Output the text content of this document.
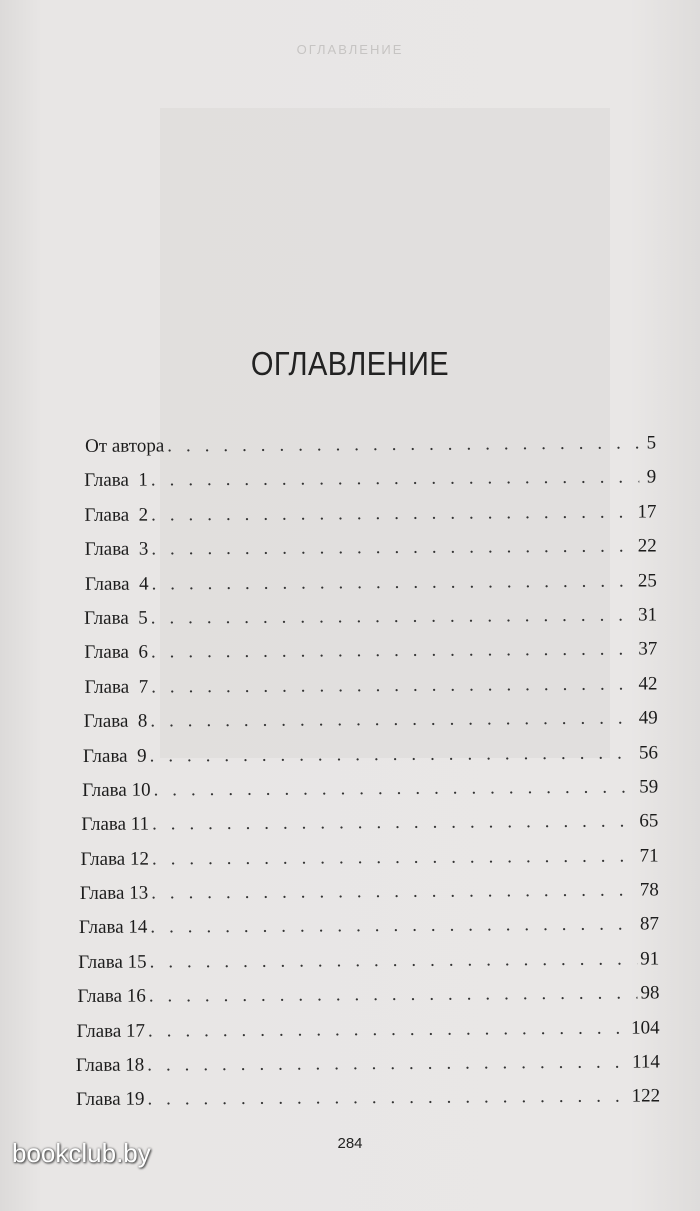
ОГЛАВЛЕНИЕ
ОГЛАВЛЕНИЕ
От автора . . .	5
Глава  1 . . .	9
Глава  2 . . .	17
Глава  3 . . .	22
Глава  4 . . .	25
Глава  5 . . .	31
Глава  6 . . .	37
Глава  7 . . .	42
Глава  8 . . .	49
Глава  9 . . .	56
Глава 10 . . .	59
Глава 11 . . .	65
Глава 12 . . .	71
Глава 13 . . .	78
Глава 14 . . .	87
Глава 15 . . .	91
Глава 16 . . .	98
Глава 17 . . .	104
Глава 18 . . .	114
Глава 19 . . .	122
284
bookclub.by
